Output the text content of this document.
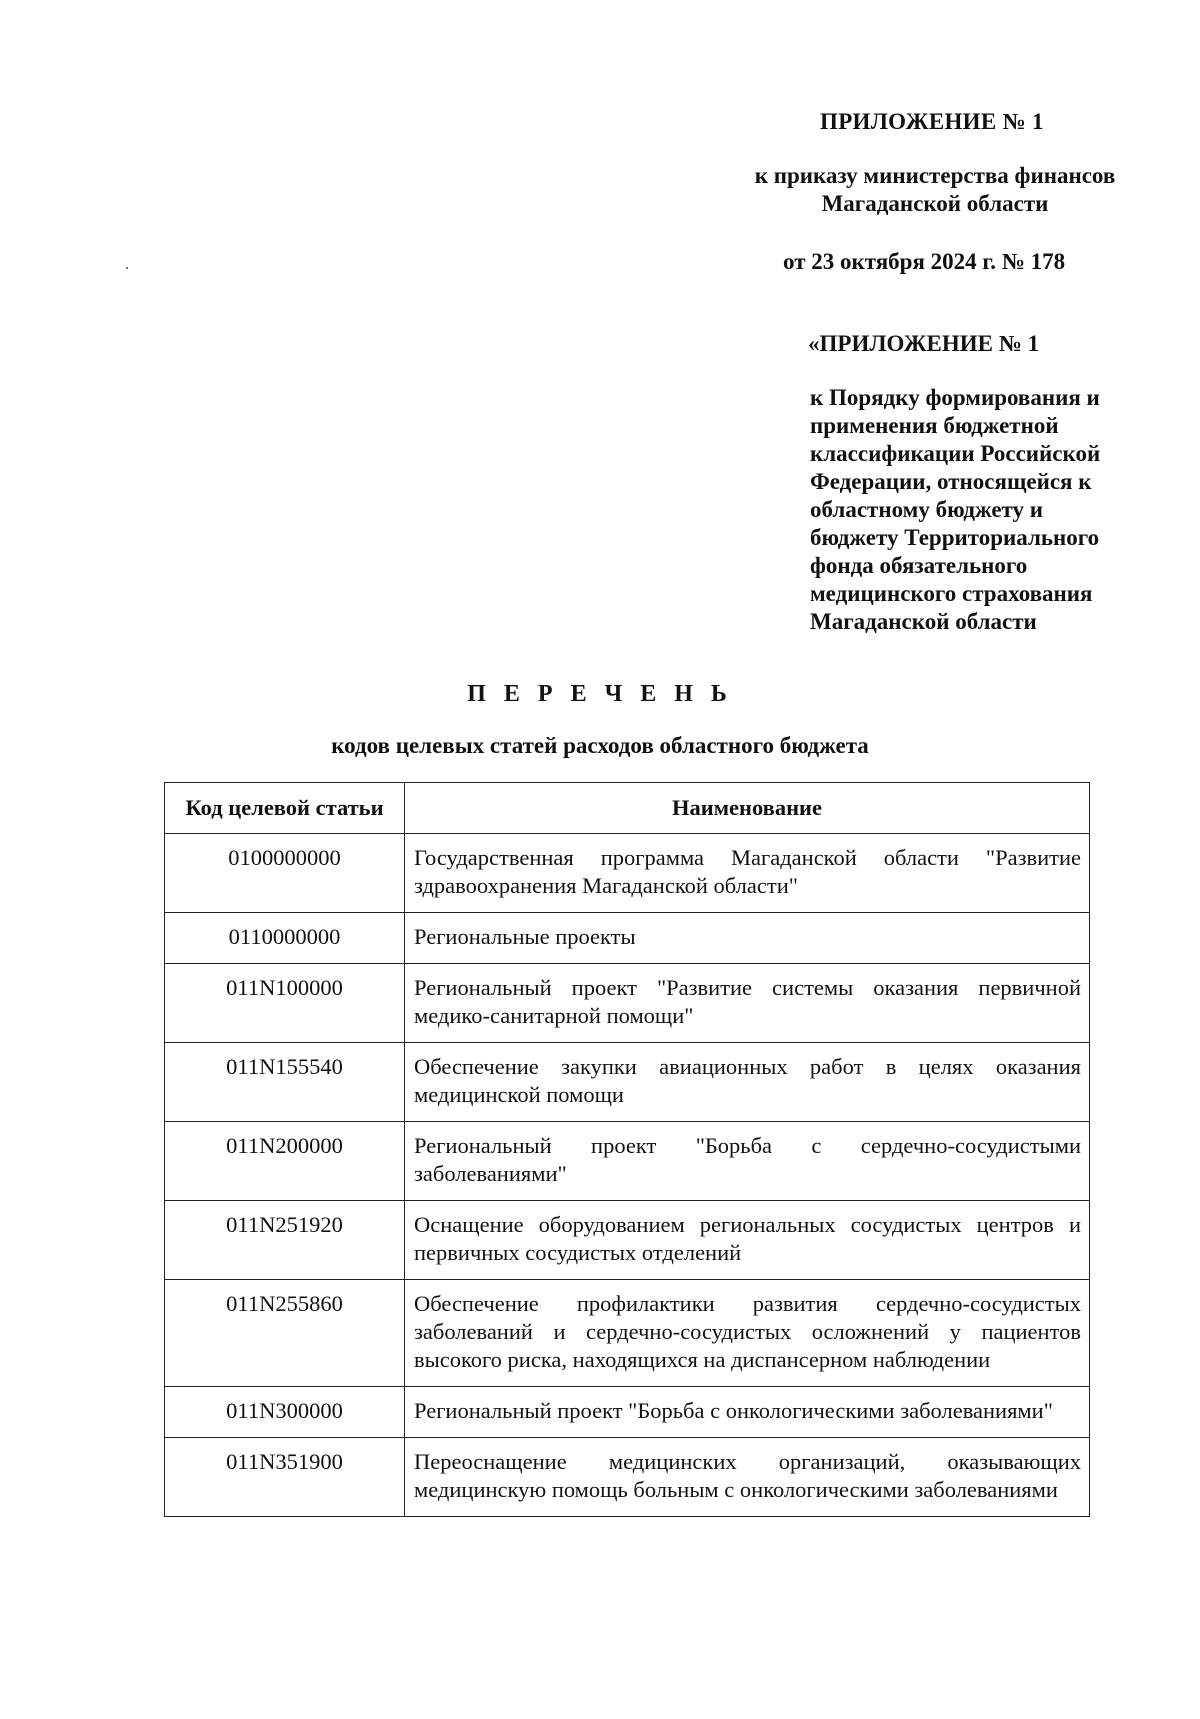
ПРИЛОЖЕНИЕ № 1
к приказу министерства финансов
Магаданской области
от 23 октября 2024 г. № 178
«ПРИЛОЖЕНИЕ № 1
к Порядку формирования и
применения бюджетной
классификации Российской
Федерации, относящейся к
областному бюджету и
бюджету Территориального
фонда обязательного
медицинского страхования
Магаданской области
П Е Р Е Ч Е Н Ь
кодов целевых статей расходов областного бюджета
Код целевой статьи	Наименование
0100000000	Государственная программа Магаданской области "Развитие здравоохранения Магаданской области"
0110000000	Региональные проекты
011N100000	Региональный проект "Развитие системы оказания первичной медико-санитарной помощи"
011N155540	Обеспечение закупки авиационных работ в целях оказания медицинской помощи
011N200000	Региональный проект "Борьба с сердечно-сосудистыми заболеваниями"
011N251920	Оснащение оборудованием региональных сосудистых центров и первичных сосудистых отделений
011N255860	Обеспечение профилактики развития сердечно-сосудистых заболеваний и сердечно-сосудистых осложнений у пациентов высокого риска, находящихся на диспансерном наблюдении
011N300000	Региональный проект "Борьба с онкологическими заболеваниями"
011N351900	Переоснащение медицинских организаций, оказывающих медицинскую помощь больным с онкологическими заболеваниями
